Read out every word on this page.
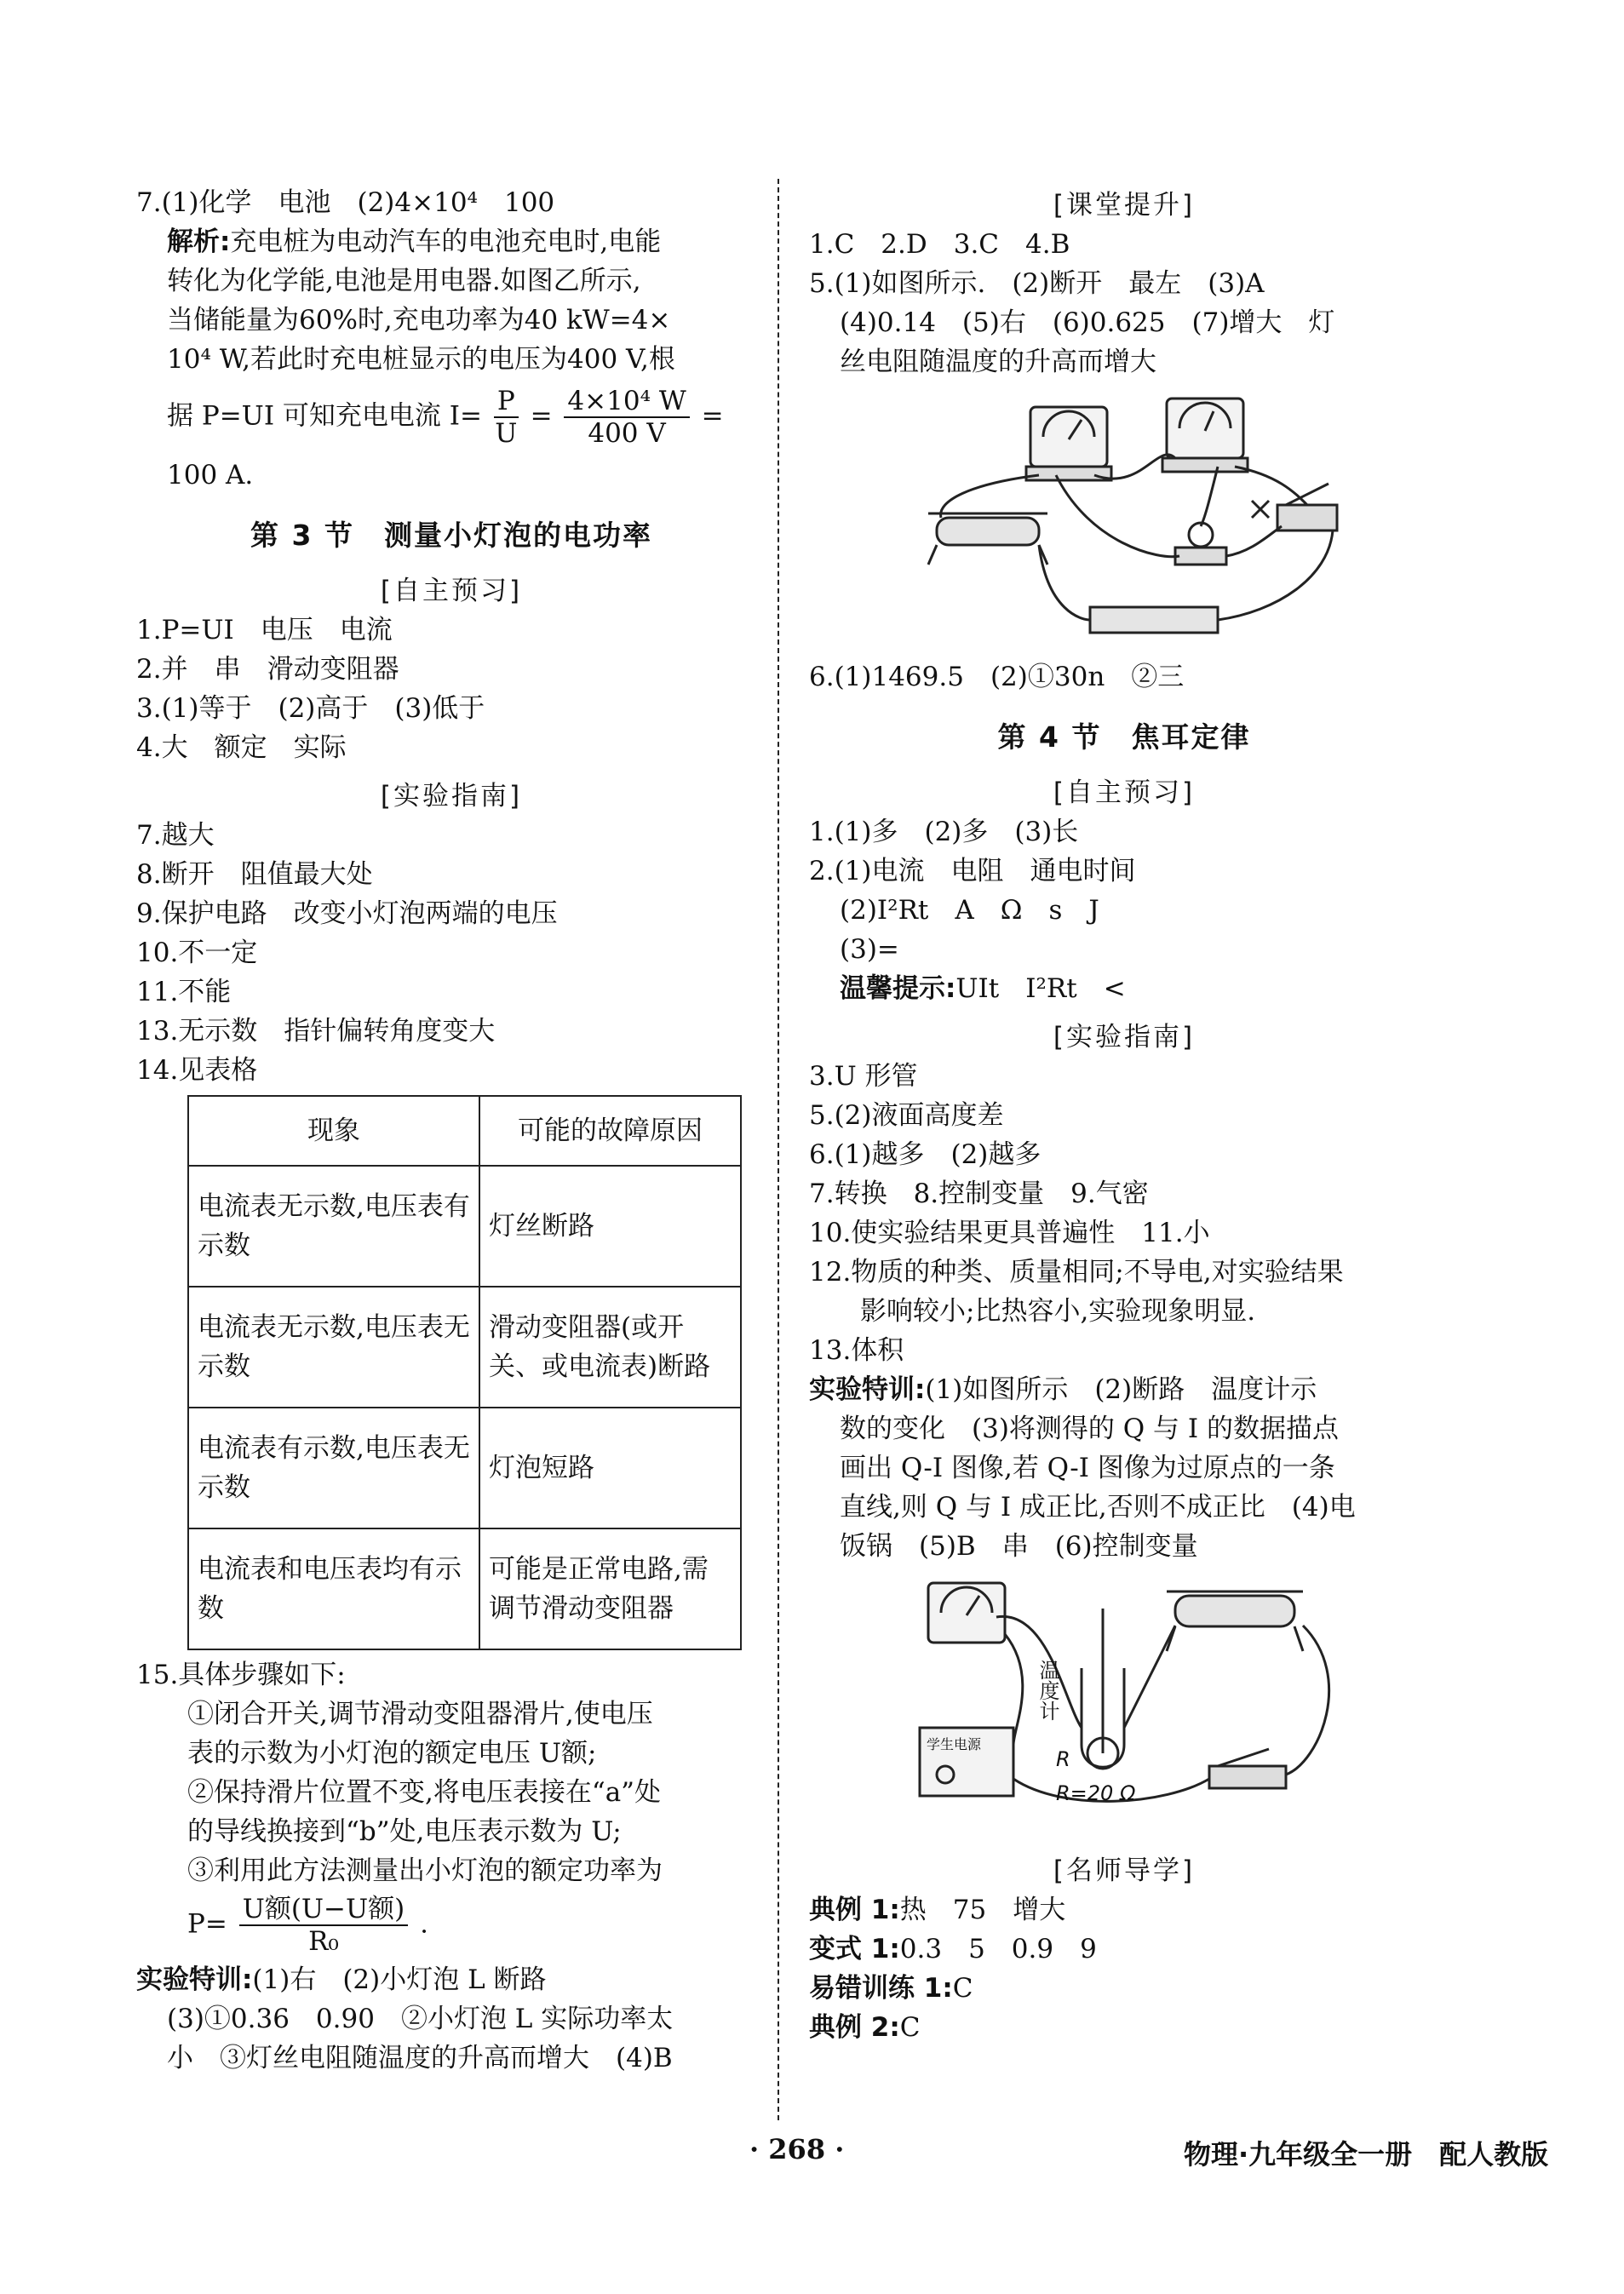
7.(1)化学　电池　(2)4×10⁴　100
解析:充电桩为电动汽车的电池充电时,电能
转化为化学能,电池是用电器.如图乙所示,
当储能量为60%时,充电功率为40 kW=4×
10⁴ W,若此时充电桩显示的电压为400 V,根
据 P=UI 可知充电电流 $I= \frac{P}{U} = \frac{\text{4×10⁴ W}}{400 V}$ =
100 A.
第 3 节　测量小灯泡的电功率
[自主预习]
1.P=UI　电压　电流
2.并　串　滑动变阻器
3.(1)等于　(2)高于　(3)低于
4.大　额定　实际
[实验指南]
7.越大
8.断开　阻值最大处
9.保护电路　改变小灯泡两端的电压
10.不一定
11.不能
13.无示数　指针偏转角度变大
14.见表格
现象	可能的故障原因
电流表无示数,电压表有示数	灯丝断路
电流表无示数,电压表无示数	滑动变阻器(或开关、或电流表)断路
电流表有示数,电压表无示数	灯泡短路
电流表和电压表均有示数	可能是正常电路,需调节滑动变阻器
15.具体步骤如下:
①闭合开关,调节滑动变阻器滑片,使电压
表的示数为小灯泡的额定电压 U额;
②保持滑片位置不变,将电压表接在“a”处
的导线换接到“b”处,电压表示数为 U;
③利用此方法测量出小灯泡的额定功率为
$P= \frac{\text{U额(U−U额)}}{\text{R₀}}$ .
实验特训:(1)右　(2)小灯泡 L 断路
(3)①0.36　0.90　②小灯泡 L 实际功率太
小　③灯丝电阻随温度的升高而增大　(4)B
[课堂提升]
1.C　2.D　3.C　4.B
5.(1)如图所示.　(2)断开　最左　(3)A
(4)0.14　(5)右　(6)0.625　(7)增大　灯
丝电阻随温度的升高而增大
6.(1)1469.5　(2)①30n　②三
第 4 节　焦耳定律
[自主预习]
1.(1)多　(2)多　(3)长
2.(1)电流　电阻　通电时间
(2)I²Rt　A　Ω　s　J
(3)=
温馨提示:UIt　I²Rt　<
[实验指南]
3.U 形管
5.(2)液面高度差
6.(1)越多　(2)越多
7.转换　8.控制变量　9.气密
10.使实验结果更具普遍性　11.小
12.物质的种类、质量相同;不导电,对实验结果
影响较小;比热容小,实验现象明显.
13.体积
实验特训:(1)如图所示　(2)断路　温度计示
数的变化　(3)将测得的 Q 与 I 的数据描点
画出 Q-I 图像,若 Q-I 图像为过原点的一条
直线,则 Q 与 I 成正比,否则不成正比　(4)电
饭锅　(5)B　串　(6)控制变量
温度计
R
R=20 Ω
学生电源
[名师导学]
典例 1:热　75　增大
变式 1:0.3　5　0.9　9
易错训练 1:C
典例 2:C
· 268 ·	物理·九年级全一册　配人教版
